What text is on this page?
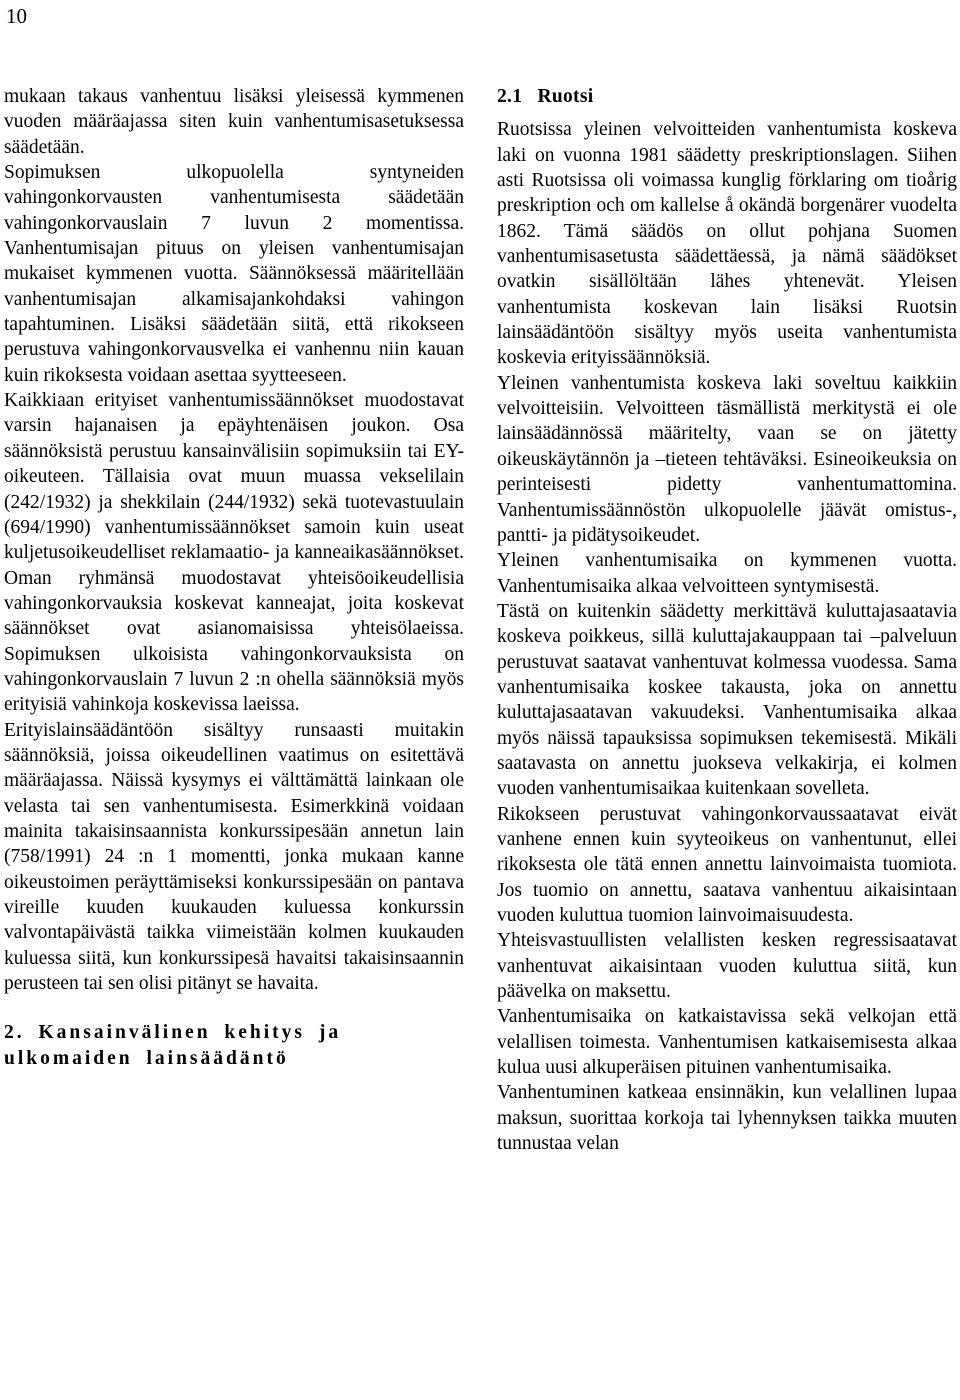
10

mukaan takaus vanhentuu lisäksi yleisessä kymmenen vuoden määräajassa siten kuin vanhentumisasetuksessa säädetään.

Sopimuksen ulkopuolella syntyneiden vahingonkorvausten vanhentumisesta säädetään vahingonkorvauslain 7 luvun 2 momentissa. Vanhentumisajan pituus on yleisen vanhentumisajan mukaiset kymmenen vuotta. Säännöksessä määritellään vanhentumisajan alkamisajankohdaksi vahingon tapahtuminen. Lisäksi säädetään siitä, että rikokseen perustuva vahingonkorvausvelka ei vanhennu niin kauan kuin rikoksesta voidaan asettaa syytteeseen.

Kaikkiaan erityiset vanhentumissäännökset muodostavat varsin hajanaisen ja epäyhtenäisen joukon. Osa säännöksistä perustuu kansainvälisiin sopimuksiin tai EY-oikeuteen. Tällaisia ovat muun muassa vekselilain (242/1932) ja shekkilain (244/1932) sekä tuotevastuulain (694/1990) vanhentumissäännökset samoin kuin useat kuljetusoikeudelliset reklamaatio- ja kanneaikasäännökset. Oman ryhmänsä muodostavat yhteisöoikeudellisia vahingonkorvauksia koskevat kanneajat, joita koskevat säännökset ovat asianomaisissa yhteisölaeissa. Sopimuksen ulkoisista vahingonkorvauksista on vahingonkorvauslain 7 luvun 2 :n ohella säännöksiä myös erityisiä vahinkoja koskevissa laeissa.

Erityislainsäädäntöön sisältyy runsaasti muitakin säännöksiä, joissa oikeudellinen vaatimus on esitettävä määräajassa. Näissä kysymys ei välttämättä lainkaan ole velasta tai sen vanhentumisesta. Esimerkkinä voidaan mainita takaisinsaannista konkurssipesään annetun lain (758/1991) 24 :n 1 momentti, jonka mukaan kanne oikeustoimen peräyttämiseksi konkurssipesään on pantava vireille kuuden kuukauden kuluessa konkurssin valvontapäivästä taikka viimeistään kolmen kuukauden kuluessa siitä, kun konkurssipesä havaitsi takaisinsaannin perusteen tai sen olisi pitänyt se havaita.

2. Kansainvälinen kehitys ja ulkomaiden lainsäädäntö
2.1 Ruotsi

Ruotsissa yleinen velvoitteiden vanhentumista koskeva laki on vuonna 1981 säädetty preskriptionslagen. Siihen asti Ruotsissa oli voimassa kunglig förklaring om tioårig preskription och om kallelse å okändä borgenärer vuodelta 1862. Tämä säädös on ollut pohjana Suomen vanhentumisasetusta säädettäessä, ja nämä säädökset ovatkin sisällöltään lähes yhtenevät. Yleisen vanhentumista koskevan lain lisäksi Ruotsin lainsäädäntöön sisältyy myös useita vanhentumista koskevia erityissäännöksiä.

Yleinen vanhentumista koskeva laki soveltuu kaikkiin velvoitteisiin. Velvoitteen täsmällistä merkitystä ei ole lainsäädännössä määritelty, vaan se on jätetty oikeuskäytännön ja –tieteen tehtäväksi. Esineoikeuksia on perinteisesti pidetty vanhentumattomina. Vanhentumissäännöstön ulkopuolelle jäävät omistus-, pantti- ja pidätysoikeudet.

Yleinen vanhentumisaika on kymmenen vuotta. Vanhentumisaika alkaa velvoitteen syntymisestä.

Tästä on kuitenkin säädetty merkittävä kuluttajasaatavia koskeva poikkeus, sillä kuluttajakauppaan tai –palveluun perustuvat saatavat vanhentuvat kolmessa vuodessa. Sama vanhentumisaika koskee takausta, joka on annettu kuluttajasaatavan vakuudeksi. Vanhentumisaika alkaa myös näissä tapauksissa sopimuksen tekemisestä. Mikäli saatavasta on annettu juokseva velkakirja, ei kolmen vuoden vanhentumisaikaa kuitenkaan sovelleta.

Rikokseen perustuvat vahingonkorvaussaatavat eivät vanhene ennen kuin syyteoikeus on vanhentunut, ellei rikoksesta ole tätä ennen annettu lainvoimaista tuomiota. Jos tuomio on annettu, saatava vanhentuu aikaisintaan vuoden kuluttua tuomion lainvoimaisuudesta.

Yhteisvastuullisten velallisten kesken regressisaatavat vanhentuvat aikaisintaan vuoden kuluttua siitä, kun päävelka on maksettu.

Vanhentumisaika on katkaistavissa sekä velkojan että velallisen toimesta. Vanhentumisen katkaisemisesta alkaa kulua uusi alkuperäisen pituinen vanhentumisaika.

Vanhentuminen katkeaa ensinnäkin, kun velallinen lupaa maksun, suorittaa korkoja tai lyhennyksen taikka muuten tunnustaa velan
